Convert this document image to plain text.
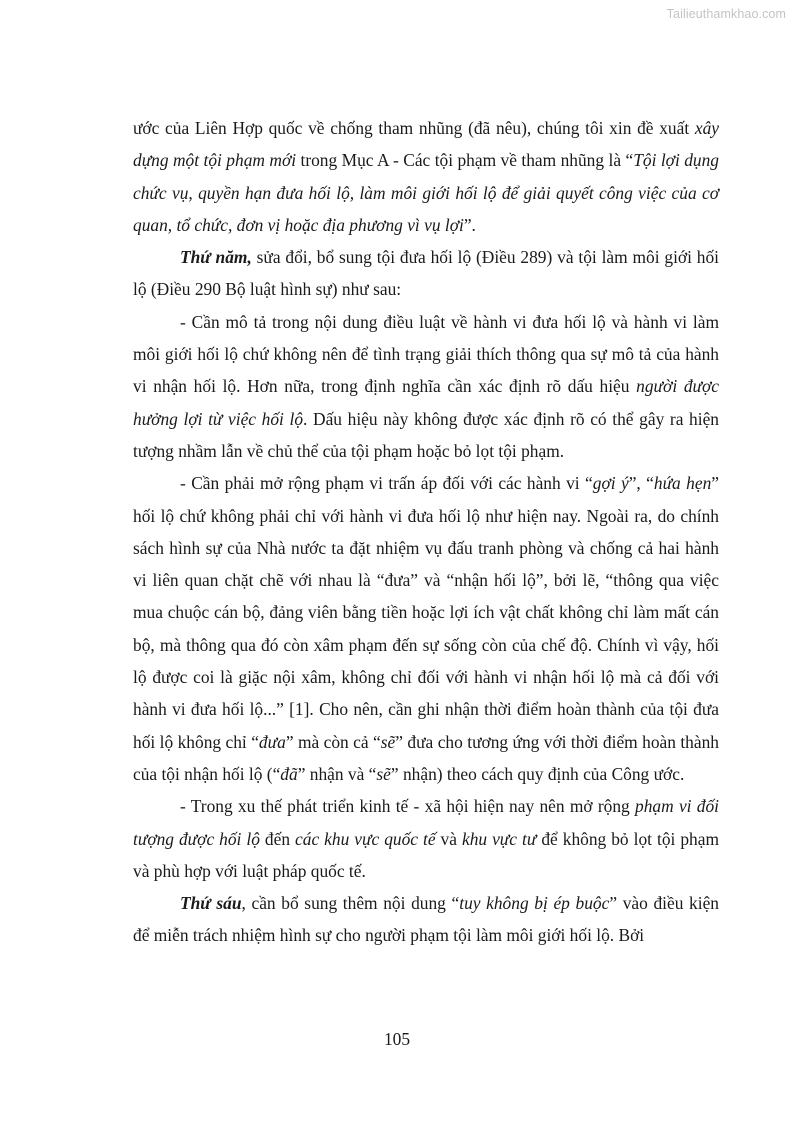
Tailieuthamkhao.com

ước của Liên Hợp quốc về chống tham nhũng (đã nêu), chúng tôi xin đề xuất xây dựng một tội phạm mới trong Mục A - Các tội phạm về tham nhũng là “Tội lợi dụng chức vụ, quyền hạn đưa hối lộ, làm môi giới hối lộ để giải quyết công việc của cơ quan, tổ chức, đơn vị hoặc địa phương vì vụ lợi”.

Thứ năm, sửa đổi, bổ sung tội đưa hối lộ (Điều 289) và tội làm môi giới hối lộ (Điều 290 Bộ luật hình sự) như sau:

- Cần mô tả trong nội dung điều luật về hành vi đưa hối lộ và hành vi làm môi giới hối lộ chứ không nên để tình trạng giải thích thông qua sự mô tả của hành vi nhận hối lộ. Hơn nữa, trong định nghĩa cần xác định rõ dấu hiệu người được hưởng lợi từ việc hối lộ. Dấu hiệu này không được xác định rõ có thể gây ra hiện tượng nhầm lẫn về chủ thể của tội phạm hoặc bỏ lọt tội phạm.

- Cần phải mở rộng phạm vi trấn áp đối với các hành vi “gợi ý”, “hứa hẹn” hối lộ chứ không phải chỉ với hành vi đưa hối lộ như hiện nay. Ngoài ra, do chính sách hình sự của Nhà nước ta đặt nhiệm vụ đấu tranh phòng và chống cả hai hành vi liên quan chặt chẽ với nhau là “đưa” và “nhận hối lộ”, bởi lẽ, “thông qua việc mua chuộc cán bộ, đảng viên bằng tiền hoặc lợi ích vật chất không chỉ làm mất cán bộ, mà thông qua đó còn xâm phạm đến sự sống còn của chế độ. Chính vì vậy, hối lộ được coi là giặc nội xâm, không chỉ đối với hành vi nhận hối lộ mà cả đối với hành vi đưa hối lộ...” [1]. Cho nên, cần ghi nhận thời điểm hoàn thành của tội đưa hối lộ không chỉ “đưa” mà còn cả “sẽ” đưa cho tương ứng với thời điểm hoàn thành của tội nhận hối lộ (“đã” nhận và “sẽ” nhận) theo cách quy định của Công ước.

- Trong xu thế phát triển kinh tế - xã hội hiện nay nên mở rộng phạm vi đối tượng được hối lộ đến các khu vực quốc tế và khu vực tư để không bỏ lọt tội phạm và phù hợp với luật pháp quốc tế.

Thứ sáu, cần bổ sung thêm nội dung “tuy không bị ép buộc” vào điều kiện để miễn trách nhiệm hình sự cho người phạm tội làm môi giới hối lộ. Bởi

105
